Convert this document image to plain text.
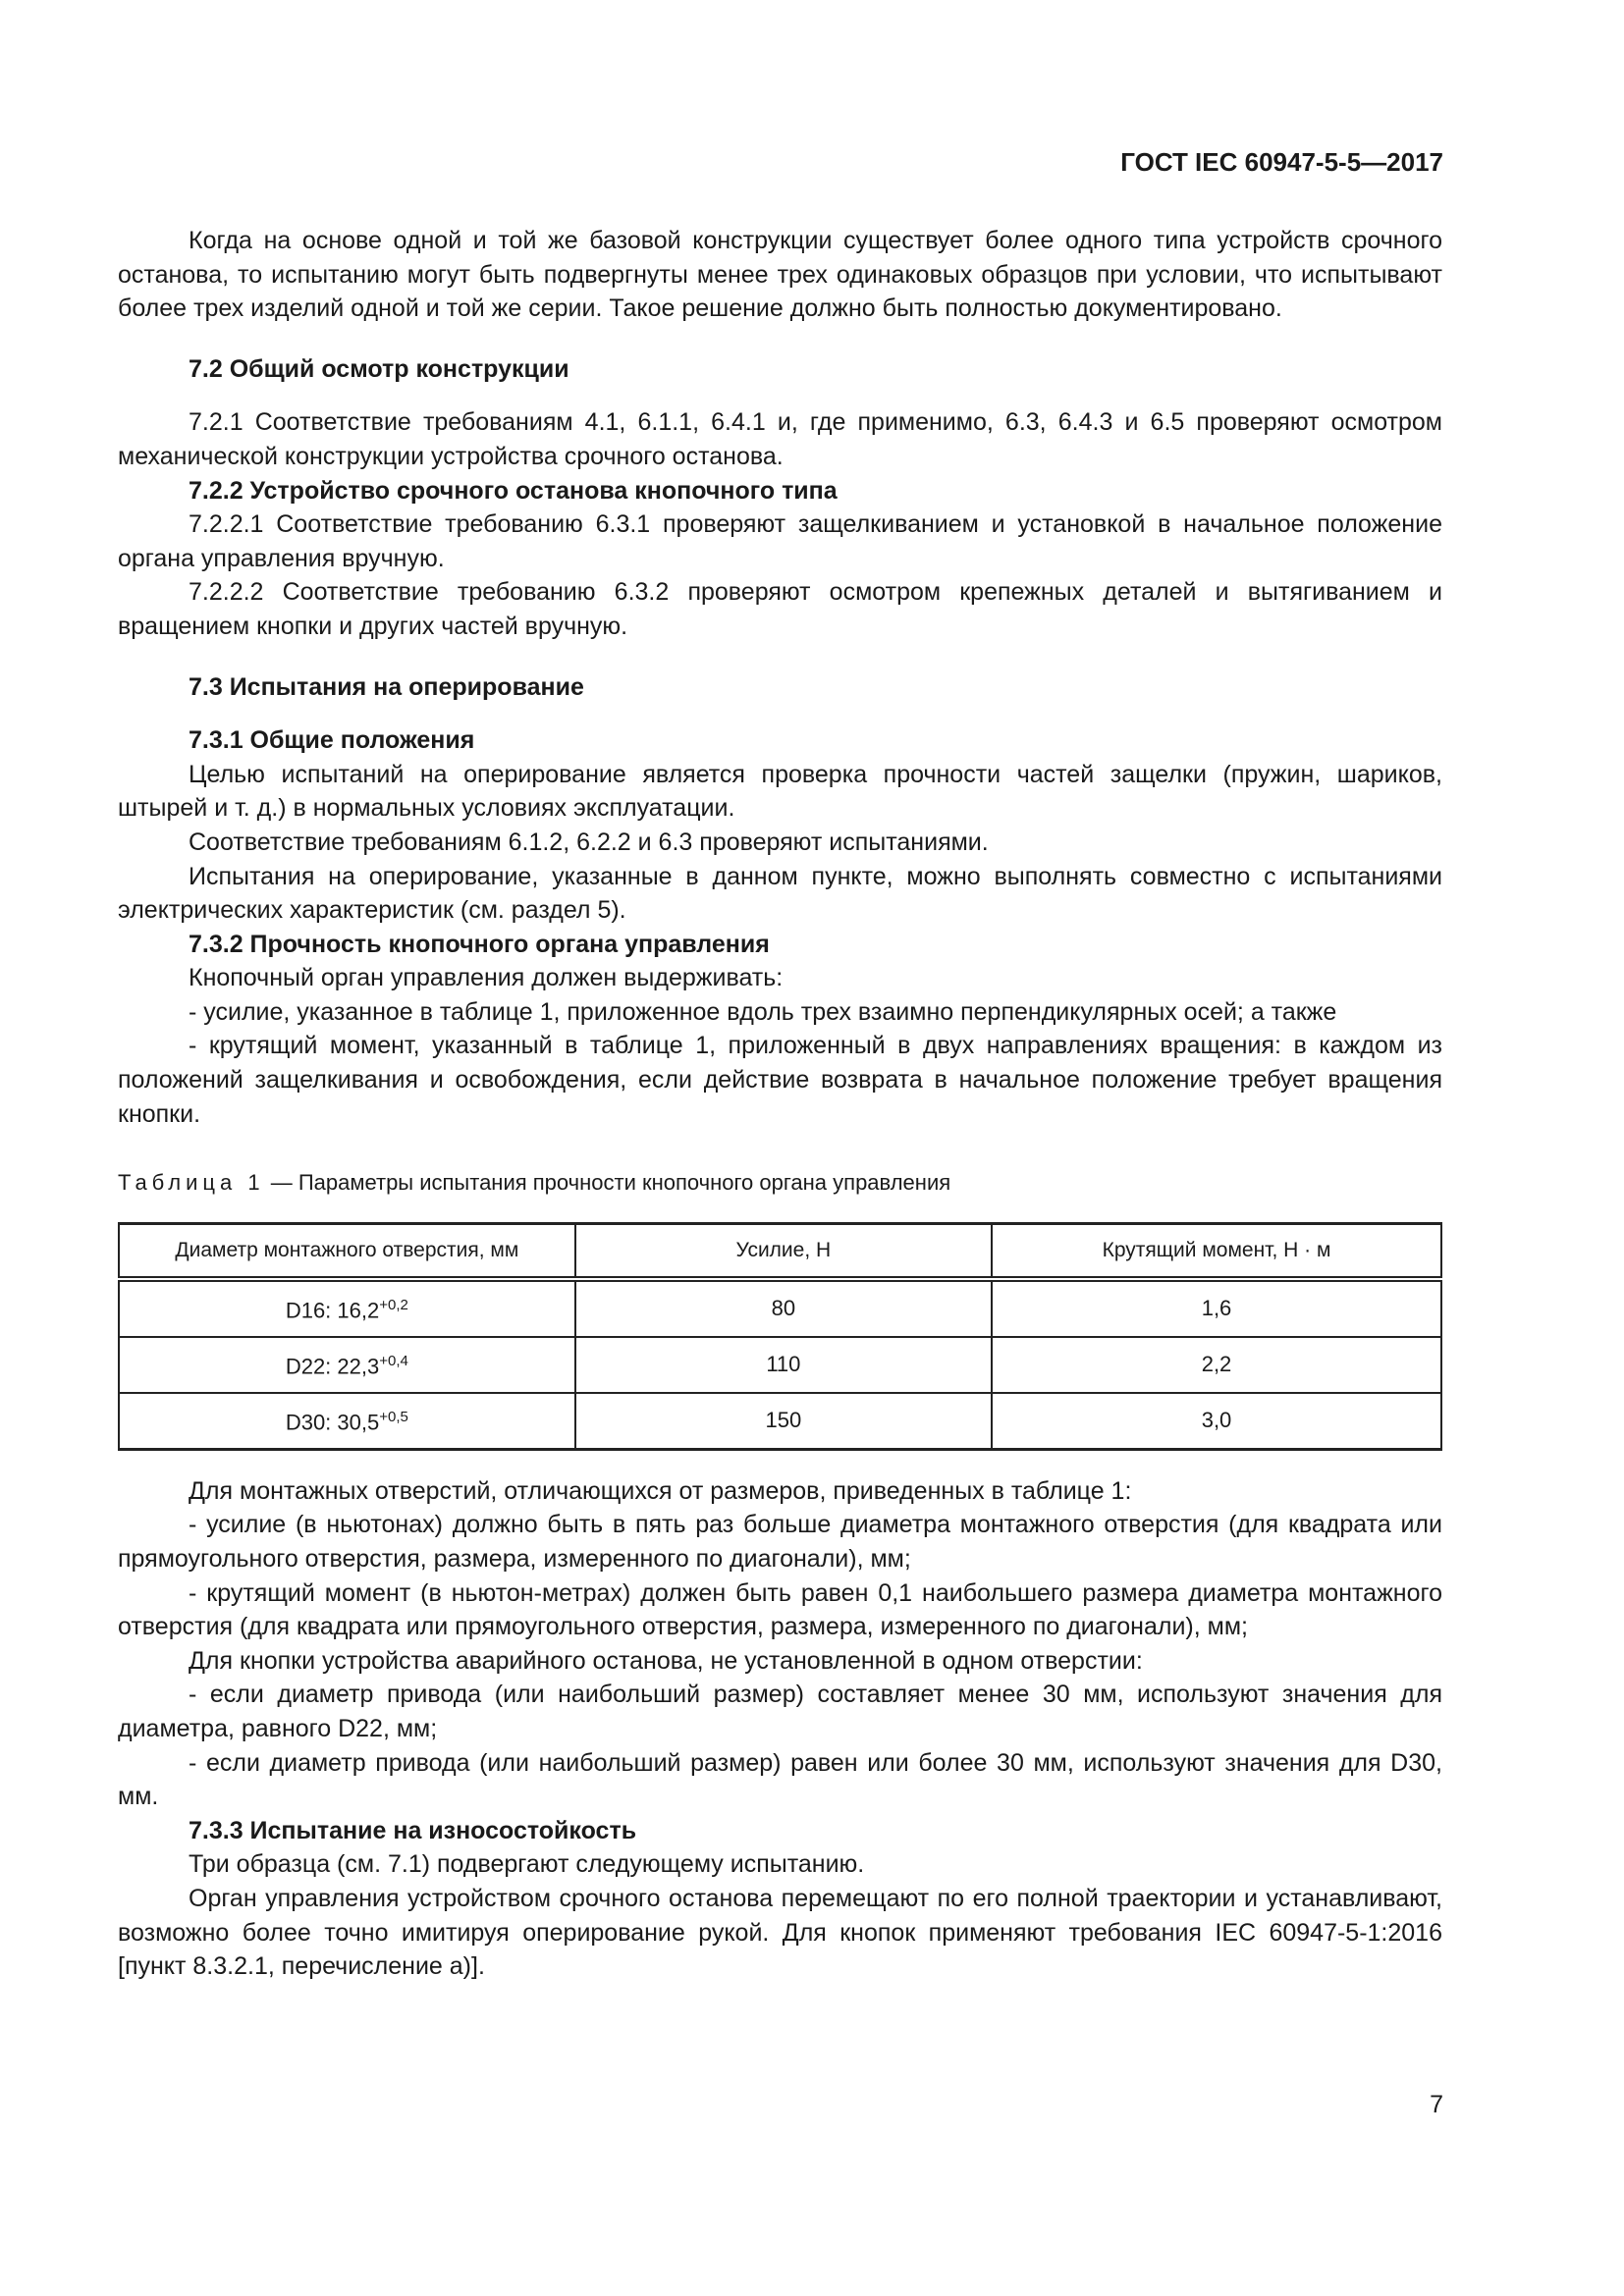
ГОСТ IEC 60947-5-5—2017

Когда на основе одной и той же базовой конструкции существует более одного типа устройств срочного останова, то испытанию могут быть подвергнуты менее трех одинаковых образцов при условии, что испытывают более трех изделий одной и той же серии. Такое решение должно быть полностью документировано.

7.2 Общий осмотр конструкции

7.2.1 Соответствие требованиям 4.1, 6.1.1, 6.4.1 и, где применимо, 6.3, 6.4.3 и 6.5 проверяют осмотром механической конструкции устройства срочного останова.

7.2.2 Устройство срочного останова кнопочного типа

7.2.2.1 Соответствие требованию 6.3.1 проверяют защелкиванием и установкой в начальное положение органа управления вручную.

7.2.2.2 Соответствие требованию 6.3.2 проверяют осмотром крепежных деталей и вытягиванием и вращением кнопки и других частей вручную.

7.3 Испытания на оперирование

7.3.1 Общие положения

Целью испытаний на оперирование является проверка прочности частей защелки (пружин, шариков, штырей и т. д.) в нормальных условиях эксплуатации.

Соответствие требованиям 6.1.2, 6.2.2 и 6.3 проверяют испытаниями.

Испытания на оперирование, указанные в данном пункте, можно выполнять совместно с испытаниями электрических характеристик (см. раздел 5).

7.3.2 Прочность кнопочного органа управления

Кнопочный орган управления должен выдерживать:

- усилие, указанное в таблице 1, приложенное вдоль трех взаимно перпендикулярных осей; а также

- крутящий момент, указанный в таблице 1, приложенный в двух направлениях вращения: в каждом из положений защелкивания и освобождения, если действие возврата в начальное положение требует вращения кнопки.

Таблица 1 — Параметры испытания прочности кнопочного органа управления

Диаметр монтажного отверстия, мм	Усилие, Н	Крутящий момент, Н · м
D16: $16,2^{+0,2}$	80	1,6
D22: $22,3^{+0,4}$	110	2,2
D30: $30,5^{+0,5}$	150	3,0

Для монтажных отверстий, отличающихся от размеров, приведенных в таблице 1:

- усилие (в ньютонах) должно быть в пять раз больше диаметра монтажного отверстия (для квадрата или прямоугольного отверстия, размера, измеренного по диагонали), мм;

- крутящий момент (в ньютон-метрах) должен быть равен 0,1 наибольшего размера диаметра монтажного отверстия (для квадрата или прямоугольного отверстия, размера, измеренного по диагонали), мм;

Для кнопки устройства аварийного останова, не установленной в одном отверстии:

- если диаметр привода (или наибольший размер) составляет менее 30 мм, используют значения для диаметра, равного D22, мм;

- если диаметр привода (или наибольший размер) равен или более 30 мм, используют значения для D30, мм.

7.3.3 Испытание на износостойкость

Три образца (см. 7.1) подвергают следующему испытанию.

Орган управления устройством срочного останова перемещают по его полной траектории и устанавливают, возможно более точно имитируя оперирование рукой. Для кнопок применяют требования IEC 60947-5-1:2016 [пункт 8.3.2.1, перечисление а)].

7
